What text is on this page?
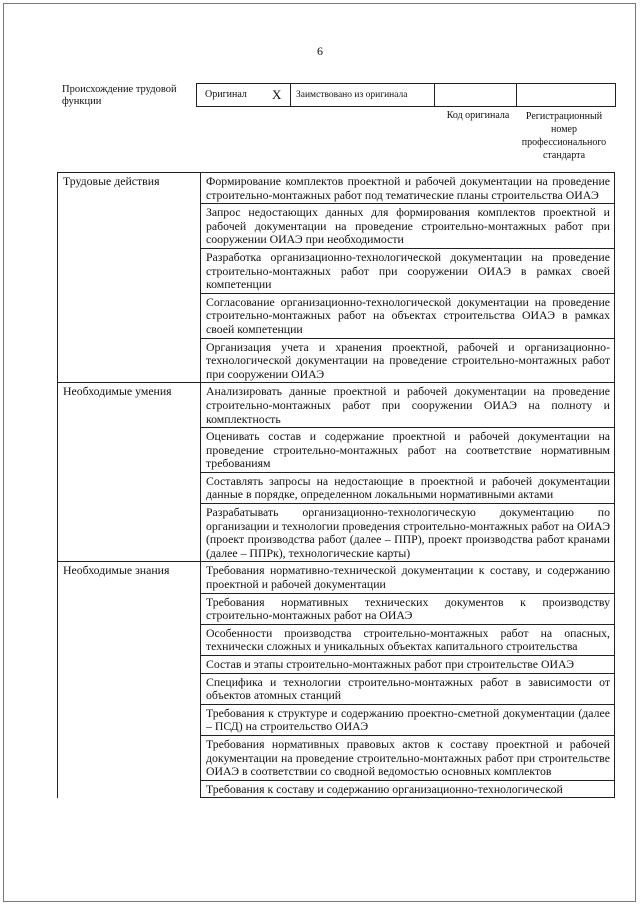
6
Происхождение трудовой функции
Оригинал X	Заимствовано из оригинала
Код оригинала	Регистрационный номер профессионального стандарта
Трудовые действия	Формирование комплектов проектной и рабочей документации на проведение строительно-монтажных работ под тематические планы строительства ОИАЭ
	Запрос недостающих данных для формирования комплектов проектной и рабочей документации на проведение строительно-монтажных работ при сооружении ОИАЭ при необходимости
	Разработка организационно-технологической документации на проведение строительно-монтажных работ при сооружении ОИАЭ в рамках своей компетенции
	Согласование организационно-технологической документации на проведение строительно-монтажных работ на объектах строительства ОИАЭ в рамках своей компетенции
	Организация учета и хранения проектной, рабочей и организационно-технологической документации на проведение строительно-монтажных работ при сооружении ОИАЭ
Необходимые умения	Анализировать данные проектной и рабочей документации на проведение строительно-монтажных работ при сооружении ОИАЭ на полноту и комплектность
	Оценивать состав и содержание проектной и рабочей документации на проведение строительно-монтажных работ на соответствие нормативным требованиям
	Составлять запросы на недостающие в проектной и рабочей документации данные в порядке, определенном локальными нормативными актами
	Разрабатывать организационно-технологическую документацию по организации и технологии проведения строительно-монтажных работ на ОИАЭ (проект производства работ (далее – ППР), проект производства работ кранами (далее – ППРк), технологические карты)
Необходимые знания	Требования нормативно-технической документации к составу, и содержанию проектной и рабочей документации
	Требования нормативных технических документов к производству строительно-монтажных работ на ОИАЭ
	Особенности производства строительно-монтажных работ на опасных, технически сложных и уникальных объектах капитального строительства
	Состав и этапы строительно-монтажных работ при строительстве ОИАЭ
	Специфика и технологии строительно-монтажных работ в зависимости от объектов атомных станций
	Требования к структуре и содержанию проектно-сметной документации (далее – ПСД) на строительство ОИАЭ
	Требования нормативных правовых актов к составу проектной и рабочей документации на проведение строительно-монтажных работ при строительстве ОИАЭ в соответствии со сводной ведомостью основных комплектов
	Требования к составу и содержанию организационно-технологической
